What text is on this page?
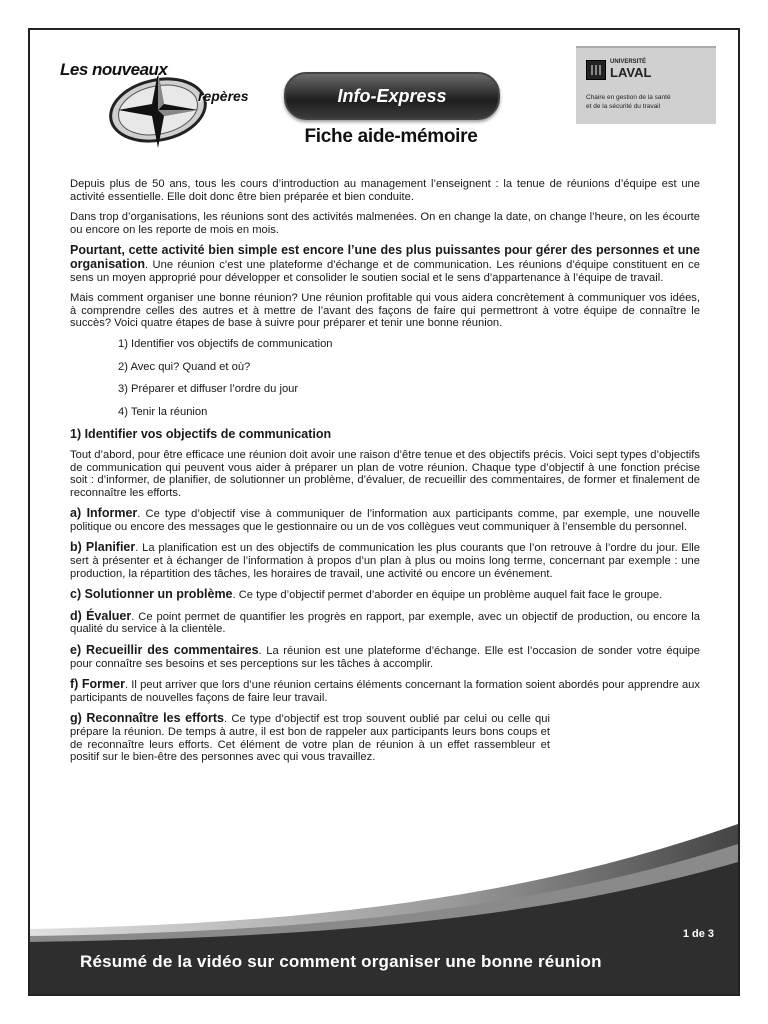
Les nouveaux
repères	Info-Express
Fiche aide-mémoire
UNIVERSITÉ
LAVAL
Chaire en gestion de la santé
et de la sécurité du travail

Depuis plus de 50 ans, tous les cours d’introduction au management l’enseignent : la tenue de réunions d’équipe est une activité essentielle. Elle doit donc être bien préparée et bien conduite.

Dans trop d’organisations, les réunions sont des activités malmenées. On en change la date, on change l’heure, on les écourte ou encore on les reporte de mois en mois.

Pourtant, cette activité bien simple est encore l’une des plus puissantes pour gérer des personnes et une organisation. Une réunion c’est une plateforme d’échange et de communication. Les réunions d’équipe constituent en ce sens un moyen approprié pour développer et consolider le soutien social et le sens d’appartenance à l’équipe de travail.

Mais comment organiser une bonne réunion? Une réunion profitable qui vous aidera concrètement à communiquer vos idées, à comprendre celles des autres et à mettre de l’avant des façons de faire qui permettront à votre équipe de connaître le succès? Voici quatre étapes de base à suivre pour préparer et tenir une bonne réunion.

1) Identifier vos objectifs de communication
2) Avec qui? Quand et où?
3) Préparer et diffuser l’ordre du jour
4) Tenir la réunion
1) Identifier vos objectifs de communication

Tout d’abord, pour être efficace une réunion doit avoir une raison d’être tenue et des objectifs précis. Voici sept types d’objectifs de communication qui peuvent vous aider à préparer un plan de votre réunion. Chaque type d’objectif à une fonction précise soit : d’informer, de planifier, de solutionner un problème, d’évaluer, de recueillir des commentaires, de former et finalement de reconnaître les efforts.

a) Informer. Ce type d’objectif vise à communiquer de l’information aux participants comme, par exemple, une nouvelle politique ou encore des messages que le gestionnaire ou un de vos collègues veut communiquer à l’ensemble du personnel.

b) Planifier. La planification est un des objectifs de communication les plus courants que l’on retrouve à l’ordre du jour. Elle sert à présenter et à échanger de l’information à propos d’un plan à plus ou moins long terme, concernant par exemple : une production, la répartition des tâches, les horaires de travail, une activité ou encore un événement.

c) Solutionner un problème. Ce type d’objectif permet d’aborder en équipe un problème auquel fait face le groupe.

d) Évaluer. Ce point permet de quantifier les progrès en rapport, par exemple, avec un objectif de production, ou encore la qualité du service à la clientèle.

e) Recueillir des commentaires. La réunion est une plateforme d’échange. Elle est l’occasion de sonder votre équipe pour connaître ses besoins et ses perceptions sur les tâches à accomplir.

f) Former. Il peut arriver que lors d’une réunion certains éléments concernant la formation soient abordés pour apprendre aux participants de nouvelles façons de faire leur travail.

g) Reconnaître les efforts. Ce type d’objectif est trop souvent oublié par celui ou celle qui prépare la réunion. De temps à autre, il est bon de rappeler aux participants leurs bons coups et de reconnaître leurs efforts. Cet élément de votre plan de réunion à un effet rassembleur et positif sur le bien-être des personnes avec qui vous travaillez.

1 de 3
Résumé de la vidéo sur comment organiser une bonne réunion
